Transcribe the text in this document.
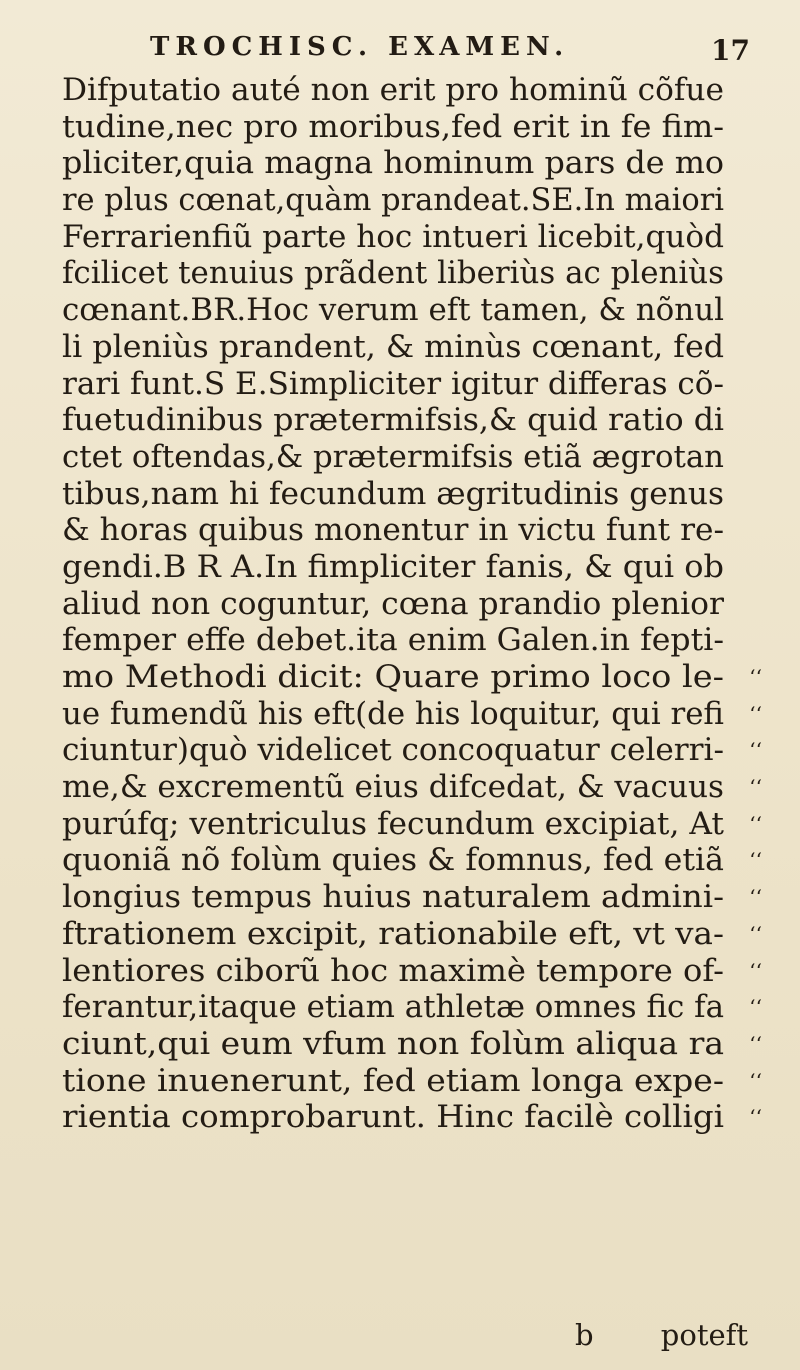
TROCHISC. EXAMEN.	17
Difputatio auté non erit pro hominũ cõfue
tudine,nec pro moribus,fed erit in fe fim-
pliciter,quia magna hominum pars de mo
re plus cœnat,quàm prandeat.SE.In maiori
Ferrarienfiũ parte hoc intueri licebit,quòd
fcilicet tenuius prãdent liberiùs ac pleniùs
cœnant.BR.Hoc verum eft tamen, & nõnul
li pleniùs prandent, & minùs cœnant, fed
rari funt.S E.Simpliciter igitur differas cõ-
fuetudinibus prætermifsis,& quid ratio di
ctet oftendas,& prætermifsis etiã ægrotan
tibus,nam hi fecundum ægritudinis genus
& horas quibus monentur in victu funt re-
gendi.B R A.In fimpliciter fanis, & qui ob
aliud non coguntur, cœna prandio plenior
femper effe debet.ita enim Galen.in fepti-
mo Methodi dicit: Quare primo loco le- ‘‘
ue fumendũ his eft(de his loquitur, qui refi ‘‘
ciuntur)quò videlicet concoquatur celerri- ‘‘
me,& excrementũ eius difcedat, & vacuus ‘‘
purúfq; ventriculus fecundum excipiat, At ‘‘
quoniã nõ folùm quies & fomnus, fed etiã ‘‘
longius tempus huius naturalem admini- ‘‘
ftrationem excipit, rationabile eft, vt va- ‘‘
lentiores ciborũ hoc maximè tempore of- ‘‘
ferantur,itaque etiam athletæ omnes fic fa ‘‘
ciunt,qui eum vfum non folùm aliqua ra ‘‘
tione inuenerunt, fed etiam longa expe- ‘‘
rientia comprobarunt. Hinc facilè colligi ‘‘
b poteft
